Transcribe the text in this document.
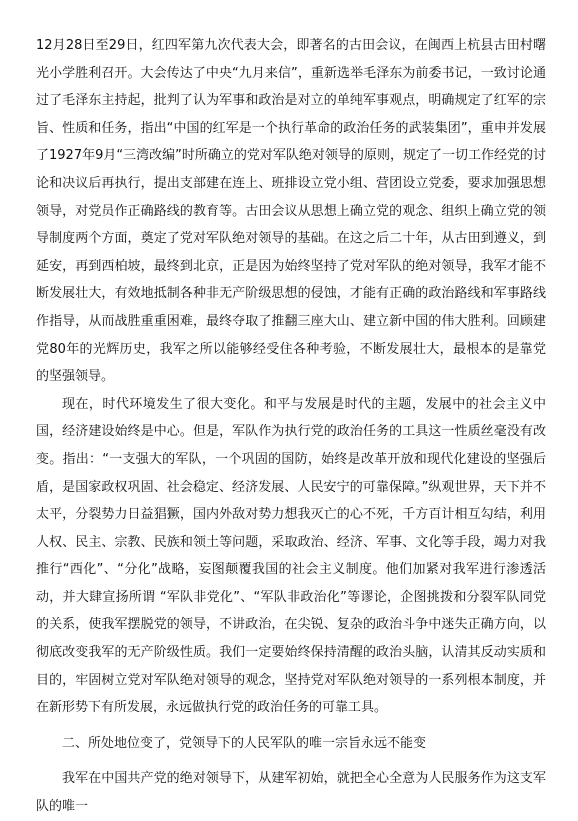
12月28日至29日，红四军第九次代表大会，即著名的古田会议，在闽西上杭县古田村曙光小学胜利召开。大会传达了中央“九月来信”，重新选举毛泽东为前委书记，一致讨论通过了毛泽东主持起，批判了认为军事和政治是对立的单纯军事观点，明确规定了红军的宗旨、性质和任务，指出“中国的红军是一个执行革命的政治任务的武装集团”，重申并发展了1927年9月“三湾改编”时所确立的党对军队绝对领导的原则，规定了一切工作经党的讨论和决议后再执行，提出支部建在连上、班排设立党小组、营团设立党委，要求加强思想领导，对党员作正确路线的教育等。古田会议从思想上确立党的观念、组织上确立党的领导制度两个方面，奠定了党对军队绝对领导的基础。在这之后二十年，从古田到遵义，到延安，再到西柏坡，最终到北京，正是因为始终坚持了党对军队的绝对领导，我军才能不断发展壮大，有效地抵制各种非无产阶级思想的侵蚀，才能有正确的政治路线和军事路线作指导，从而战胜重重困难，最终夺取了推翻三座大山、建立新中国的伟大胜利。回顾建党80年的光辉历史，我军之所以能够经受住各种考验，不断发展壮大，最根本的是靠党的坚强领导。

现在，时代环境发生了很大变化。和平与发展是时代的主题，发展中的社会主义中国，经济建设始终是中心。但是，军队作为执行党的政治任务的工具这一性质丝毫没有改变。指出：“一支强大的军队，一个巩固的国防，始终是改革开放和现代化建设的坚强后盾，是国家政权巩固、社会稳定、经济发展、人民安宁的可靠保障。”纵观世界，天下并不太平，分裂势力日益猖獗，国内外敌对势力想我灭亡的心不死，千方百计相互勾结，利用人权、民主、宗教、民族和领土等问题，采取政治、经济、军事、文化等手段，竭力对我推行“西化”、“分化”战略，妄图颠覆我国的社会主义制度。他们加紧对我军进行渗透活动，并大肆宣扬所谓 “军队非党化”、“军队非政治化”等谬论，企图挑拨和分裂军队同党的关系，使我军摆脱党的领导，不讲政治，在尖锐、复杂的政治斗争中迷失正确方向，以彻底改变我军的无产阶级性质。我们一定要始终保持清醒的政治头脑，认清其反动实质和目的，牢固树立党对军队绝对领导的观念，坚持党对军队绝对领导的一系列根本制度，并在新形势下有所发展，永远做执行党的政治任务的可靠工具。

二、所处地位变了，党领导下的人民军队的唯一宗旨永远不能变

我军在中国共产党的绝对领导下，从建军初始，就把全心全意为人民服务作为这支军队的唯一
